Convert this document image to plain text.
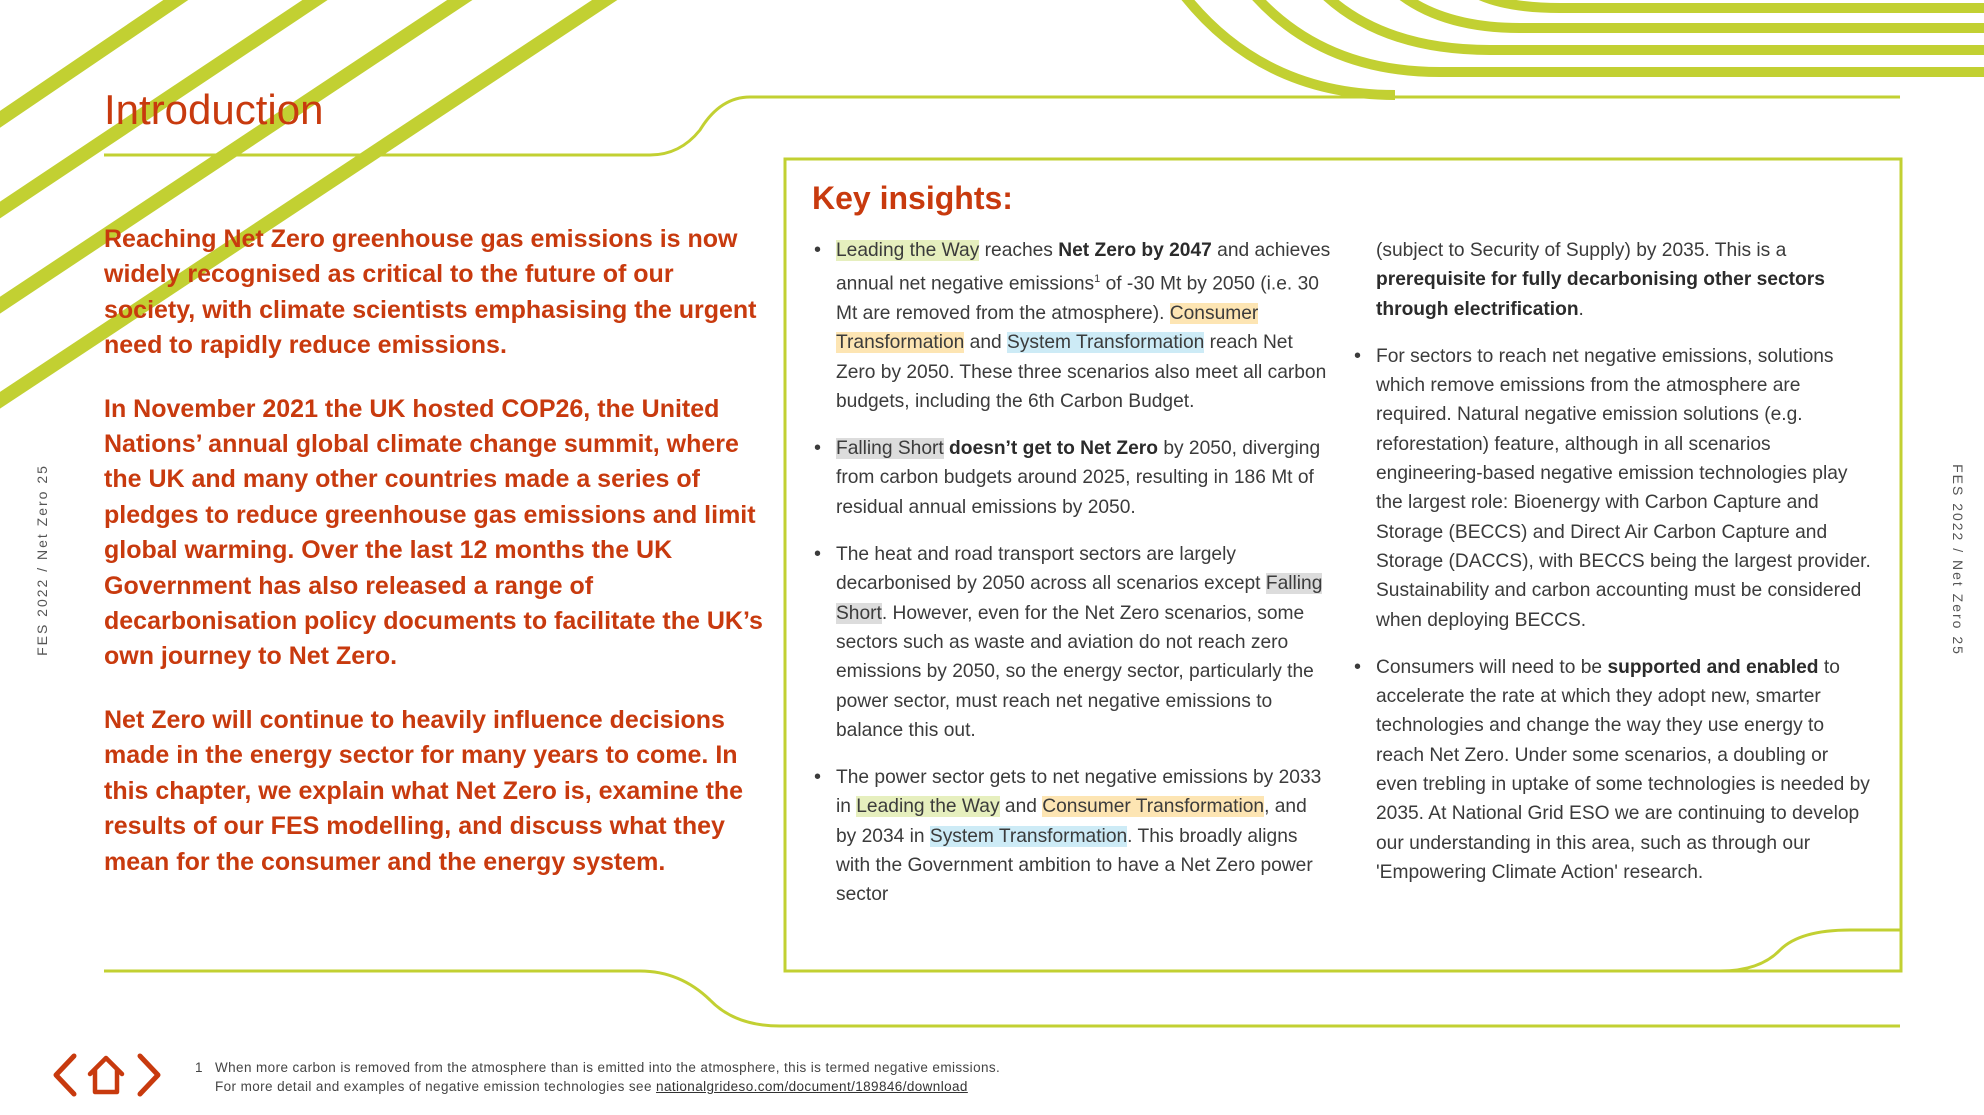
Introduction
FES 2022 / Net Zero 25	FES 2022 / Net Zero 25

Reaching Net Zero greenhouse gas emissions is now widely recognised as critical to the future of our society, with climate scientists emphasising the urgent need to rapidly reduce emissions.

In November 2021 the UK hosted COP26, the United Nations’ annual global climate change summit, where the UK and many other countries made a series of pledges to reduce greenhouse gas emissions and limit global warming. Over the last 12 months the UK Government has also released a range of decarbonisation policy documents to facilitate the UK’s own journey to Net Zero.

Net Zero will continue to heavily influence decisions made in the energy sector for many years to come. In this chapter, we explain what Net Zero is, examine the results of our FES modelling, and discuss what they mean for the consumer and the energy system.

Key insights:
• Leading the Way reaches Net Zero by 2047 and achieves annual net negative emissions$^1$ of -30 Mt by 2050 (i.e. 30 Mt are removed from the atmosphere). Consumer Transformation and System Transformation reach Net Zero by 2050. These three scenarios also meet all carbon budgets, including the 6th Carbon Budget.
• Falling Short doesn’t get to Net Zero by 2050, diverging from carbon budgets around 2025, resulting in 186 Mt of residual annual emissions by 2050.
• The heat and road transport sectors are largely decarbonised by 2050 across all scenarios except Falling Short. However, even for the Net Zero scenarios, some sectors such as waste and aviation do not reach zero emissions by 2050, so the energy sector, particularly the power sector, must reach net negative emissions to balance this out.
• The power sector gets to net negative emissions by 2033 in Leading the Way and Consumer Transformation, and by 2034 in System Transformation. This broadly aligns with the Government ambition to have a Net Zero power sector
(subject to Security of Supply) by 2035. This is a prerequisite for fully decarbonising other sectors through electrification.
• For sectors to reach net negative emissions, solutions which remove emissions from the atmosphere are required. Natural negative emission solutions (e.g. reforestation) feature, although in all scenarios engineering-based negative emission technologies play the largest role: Bioenergy with Carbon Capture and Storage (BECCS) and Direct Air Carbon Capture and Storage (DACCS), with BECCS being the largest provider. Sustainability and carbon accounting must be considered when deploying BECCS.
• Consumers will need to be supported and enabled to accelerate the rate at which they adopt new, smarter technologies and change the way they use energy to reach Net Zero. Under some scenarios, a doubling or even trebling in uptake of some technologies is needed by 2035. At National Grid ESO we are continuing to develop our understanding in this area, such as through our 'Empowering Climate Action' research.
1 When more carbon is removed from the atmosphere than is emitted into the atmosphere, this is termed negative emissions.
For more detail and examples of negative emission technologies see nationalgrideso.com/document/189846/download
